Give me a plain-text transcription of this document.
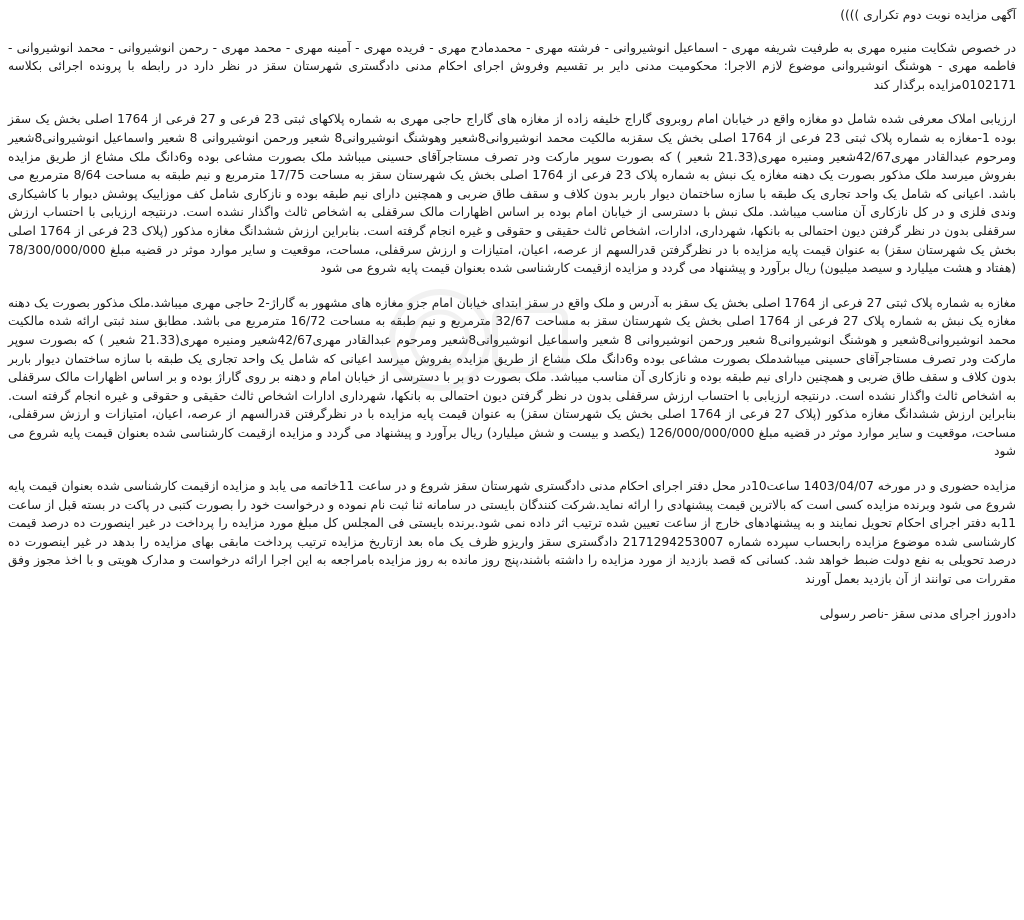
آگهی مزایده نوبت دوم تکراری ))))

در خصوص شکایت منیره مهری به طرفیت شریفه مهری - اسماعیل انوشیروانی - فرشته مهری - محمدمادح مهری - فریده مهری - آمینه مهری - محمد مهری - رحمن انوشیروانی - محمد انوشیروانی - فاطمه مهری - هوشنگ انوشیروانی موضوع لازم الاجرا: محکومیت مدنی دایر بر تقسیم وفروش اجرای احکام مدنی دادگستری شهرستان سقز در نظر دارد در رابطه با پرونده اجرائی بکلاسه 0102171مزایده برگذار کند

ارزیابی املاک معرفی شده شامل دو مغازه واقع در خیابان امام روبروی گاراج خلیفه زاده از مغازه های گاراج حاجی مهری به شماره پلاکهای ثبتی 23 فرعی و 27 فرعی از 1764 اصلی بخش یک سقز بوده 1-مغازه به شماره پلاک ثبتی 23 فرعی از 1764 اصلی بخش یک سقزبه مالکیت محمد انوشیروانی8شعیر وهوشنگ انوشیروانی8 شعیر ورحمن انوشیروانی 8 شعیر واسماعیل انوشیروانی8شعیر ومرحوم عبدالقادر مهری42/67شعیر ومنیره مهری(21.33 شعیر ) که بصورت سوپر مارکت ودر تصرف مستاجرآقای حسینی میباشد ملک بصورت مشاعی بوده و6دانگ ملک مشاع از طریق مزایده بفروش میرسد ملک مذکور بصورت یک دهنه مغازه یک نبش به شماره پلاک 23 فرعی از 1764 اصلی بخش یک شهرستان سقز به مساحت 17/75 مترمربع و نیم طبقه به مساحت 8/64 مترمربع می باشد. اعیانی که شامل یک واحد تجاری یک طبقه با سازه ساختمان دیوار باربر بدون کلاف و سقف طاق ضربی و همچنین دارای نیم طبقه بوده و نازکاری شامل کف موزاییک پوشش دیوار با کاشیکاری وندی فلزی و در کل نازکاری آن مناسب میباشد. ملک نبش با دسترسی از خیابان امام بوده بر اساس اظهارات مالک سرقفلی به اشخاص ثالث واگذار نشده است. درنتیجه ارزیابی با احتساب ارزش سرقفلی بدون در نظر گرفتن دیون احتمالی به بانکها، شهرداری، ادارات، اشخاص ثالث حقیقی و حقوقی و غیره انجام گرفته است. بنابراین ارزش ششدانگ مغازه مذکور (پلاک 23 فرعی از 1764 اصلی بخش یک شهرستان سقز) به عنوان قیمت پایه مزایده با در نظرگرفتن قدرالسهم از عرصه، اعیان، امتیازات و ارزش سرقفلی، مساحت، موقعیت و سایر موارد موثر در قضیه مبلغ 78/300/000/000 (هفتاد و هشت میلیارد و سیصد میلیون) ریال برآورد و پیشنهاد می گردد و مزایده ازقیمت کارشناسی شده بعنوان قیمت پایه شروع می شود

مغازه به شماره پلاک ثبتی 27 فرعی از 1764 اصلی بخش یک سقز به آدرس و ملک واقع در سقز ابتدای خیابان امام جزو مغازه های مشهور به گاراژ-2 حاجی مهری میباشد.ملک مذکور بصورت یک دهنه مغازه یک نبش به شماره پلاک 27 فرعی از 1764 اصلی بخش یک شهرستان سقز به مساحت 32/67 مترمربع و نیم طبقه به مساحت 16/72 مترمربع می باشد. مطابق سند ثبتی ارائه شده مالکیت محمد انوشیروانی8شعیر و هوشنگ انوشیروانی8 شعیر ورحمن انوشیروانی 8 شعیر واسماعیل انوشیروانی8شعیر ومرحوم عبدالقادر مهری42/67شعیر ومنیره مهری(21.33 شعیر ) که بصورت سوپر مارکت ودر تصرف مستاجرآقای حسینی میباشدملک بصورت مشاعی بوده و6دانگ ملک مشاع از طریق مزایده بفروش میرسد اعیانی که شامل یک واحد تجاری یک طبقه با سازه ساختمان دیوار باربر بدون کلاف و سقف طاق ضربی و همچنین دارای نیم طبقه بوده و نازکاری آن مناسب میباشد. ملک بصورت دو بر با دسترسی از خیابان امام و دهنه بر روی گاراژ بوده و بر اساس اظهارات مالک سرقفلی به اشخاص ثالث واگذار نشده است. درنتیجه ارزیابی با احتساب ارزش سرقفلی بدون در نظر گرفتن دیون احتمالی به بانکها، شهرداری ادارات اشخاص ثالث حقیقی و حقوقی و غیره انجام گرفته است. بنابراین ارزش ششدانگ مغازه مذکور (پلاک 27 فرعی از 1764 اصلی بخش یک شهرستان سقز) به عنوان قیمت پایه مزایده با در نظرگرفتن قدرالسهم از عرصه، اعیان، امتیازات و ارزش سرقفلی، مساحت، موقعیت و سایر موارد موثر در قضیه مبلغ 126/000/000/000 (یکصد و بیست و شش میلیارد) ریال برآورد و پیشنهاد می گردد و مزایده ازقیمت کارشناسی شده بعنوان قیمت پایه شروع می شود

مزایده حضوری و در مورخه 1403/04/07 ساعت10در محل دفتر اجرای احکام مدنی دادگستری شهرستان سقز شروع و در ساعت 11خاتمه می یابد و مزایده ازقیمت کارشناسی شده بعنوان قیمت پایه شروع می شود وبرنده مزایده کسی است که بالاترین قیمت پیشنهادی را ارائه نماید.شرکت کنندگان بایستی در سامانه ثنا ثبت نام نموده و درخواست خود را بصورت کتبی در پاکت در بسته قبل از ساعت 11به دفتر اجرای احکام تحویل نمایند و به پیشنهادهای خارج از ساعت تعیین شده ترتیب اثر داده نمی شود.برنده بایستی فی المجلس کل مبلغ مورد مزایده را پرداخت در غیر اینصورت ده درصد قیمت کارشناسی شده موضوع مزایده رابحساب سپرده شماره 2171294253007 دادگستری سقز واریزو ظرف یک ماه بعد ازتاریخ مزایده ترتیب پرداخت مابقی بهای مزایده را بدهد در غیر اینصورت ده درصد تحویلی به نفع دولت ضبط خواهد شد. کسانی که قصد بازدید از مورد مزایده را داشته باشند،پنج روز مانده به روز مزایده بامراجعه به این اجرا ارائه درخواست و مدارک هویتی و با اخذ مجوز وفق مقررات می توانند از آن بازدید بعمل آورند

دادورز اجرای مدنی سقز -ناصر رسولی
